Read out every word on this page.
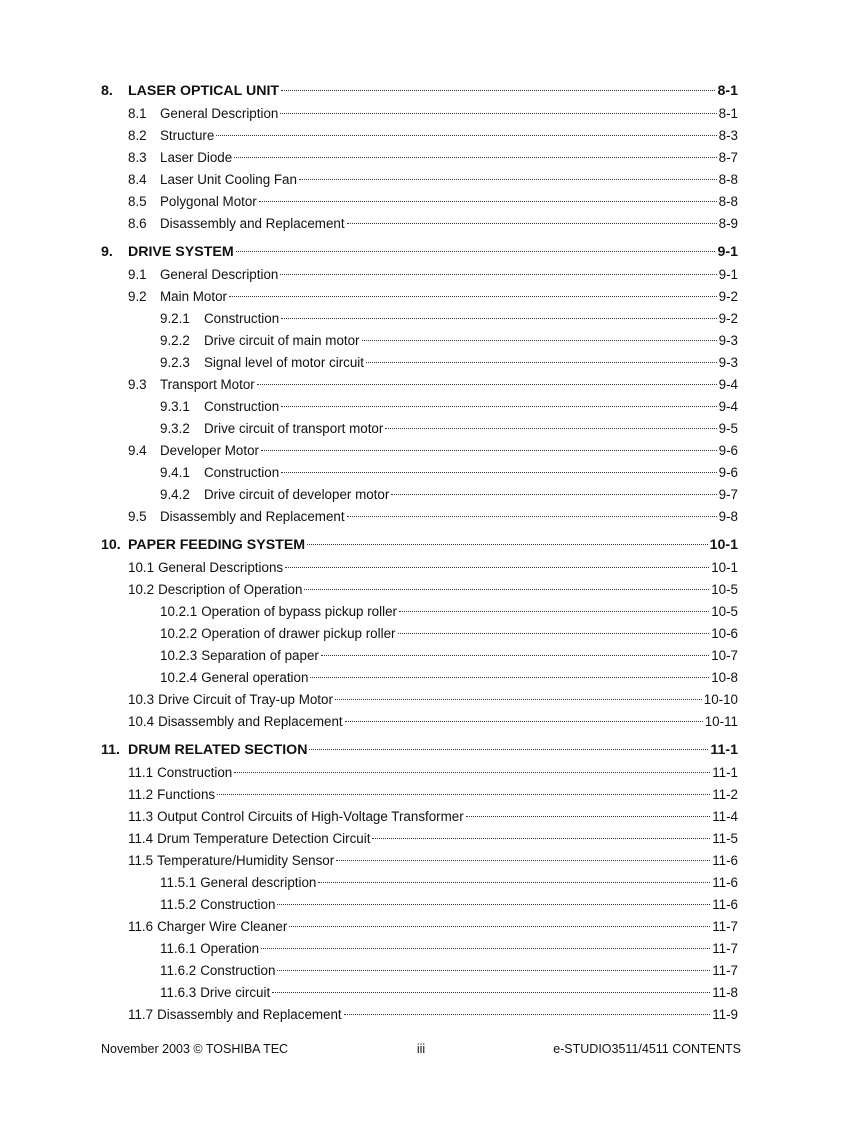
8.	LASER OPTICAL UNIT	8-1
8.1 General Description	8-1
8.2 Structure	8-3
8.3 Laser Diode	8-7
8.4 Laser Unit Cooling Fan	8-8
8.5 Polygonal Motor	8-8
8.6 Disassembly and Replacement	8-9
9.	DRIVE SYSTEM	9-1
9.1 General Description	9-1
9.2 Main Motor	9-2
9.2.1	Construction	9-2
9.2.2	Drive circuit of main motor	9-3
9.2.3	Signal level of motor circuit	9-3
9.3 Transport Motor	9-4
9.3.1	Construction	9-4
9.3.2	Drive circuit of transport motor	9-5
9.4 Developer Motor	9-6
9.4.1	Construction	9-6
9.4.2	Drive circuit of developer motor	9-7
9.5 Disassembly and Replacement	9-8
10. PAPER FEEDING SYSTEM	10-1
10.1 General Descriptions	10-1
10.2 Description of Operation	10-5
10.2.1 Operation of bypass pickup roller	10-5
10.2.2 Operation of drawer pickup roller	10-6
10.2.3 Separation of paper	10-7
10.2.4 General operation	10-8
10.3 Drive Circuit of Tray-up Motor	10-10
10.4 Disassembly and Replacement	10-11
11. DRUM RELATED SECTION	11-1
11.1 Construction	11-1
11.2 Functions	11-2
11.3 Output Control Circuits of High-Voltage Transformer	11-4
11.4 Drum Temperature Detection Circuit	11-5
11.5 Temperature/Humidity Sensor	11-6
11.5.1 General description	11-6
11.5.2 Construction	11-6
11.6 Charger Wire Cleaner	11-7
11.6.1 Operation	11-7
11.6.2 Construction	11-7
11.6.3 Drive circuit	11-8
11.7 Disassembly and Replacement	11-9
November 2003 © TOSHIBA TEC	iii	e-STUDIO3511/4511 CONTENTS
